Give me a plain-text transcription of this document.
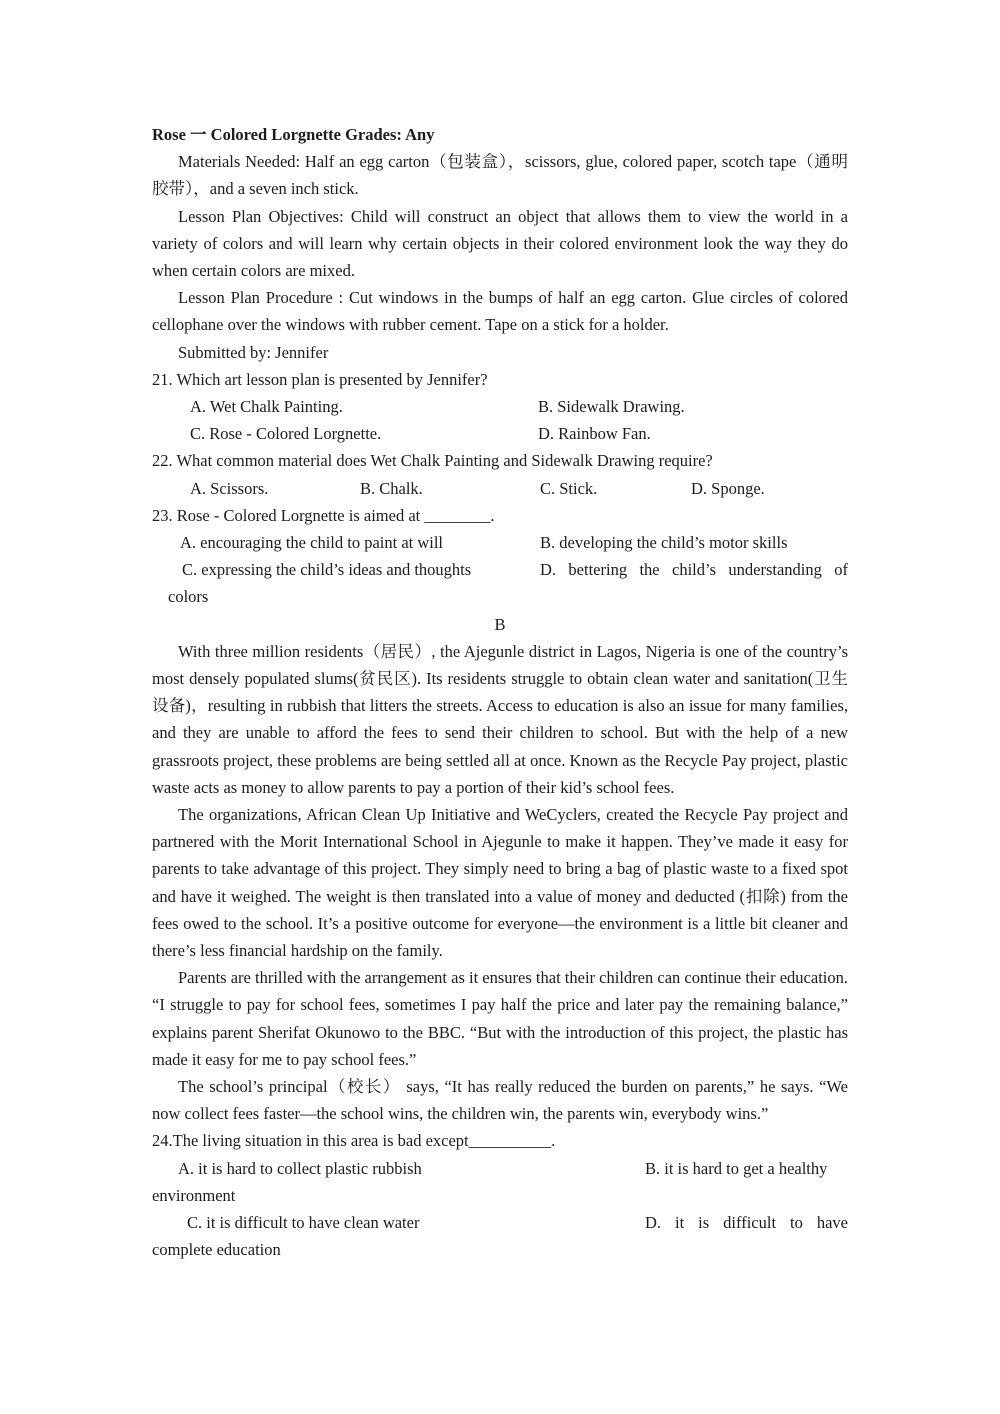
Rose 一 Colored Lorgnette Grades: Any

Materials Needed: Half an egg carton（包装盒），scissors, glue, colored paper, scotch tape（通明胶带），and a seven inch stick.

Lesson Plan Objectives: Child will construct an object that allows them to view the world in a variety of colors and will learn why certain objects in their colored environment look the way they do when certain colors are mixed.

Lesson Plan Procedure : Cut windows in the bumps of half an egg carton. Glue circles of colored cellophane over the windows with rubber cement. Tape on a stick for a holder.

Submitted by: Jennifer

21. Which art lesson plan is presented by Jennifer?
A. Wet Chalk Painting.	B. Sidewalk Drawing.
C. Rose - Colored Lorgnette.	D. Rainbow Fan.
22. What common material does Wet Chalk Painting and Sidewalk Drawing require?
A. Scissors.	B. Chalk.	C. Stick.	D. Sponge.
23. Rose - Colored Lorgnette is aimed at ________.
A. encouraging the child to paint at will	B. developing the child’s motor skills
C. expressing the child’s ideas and thoughts	D. bettering the child’s understanding of
colors

B

With three million residents（居民）, the Ajegunle district in Lagos, Nigeria is one of the country’s most densely populated slums(贫民区). Its residents struggle to obtain clean water and sanitation(卫生设备)，resulting in rubbish that litters the streets. Access to education is also an issue for many families, and they are unable to afford the fees to send their children to school. But with the help of a new grassroots project, these problems are being settled all at once. Known as the Recycle Pay project, plastic waste acts as money to allow parents to pay a portion of their kid’s school fees.

The organizations, African Clean Up Initiative and WeCyclers, created the Recycle Pay project and partnered with the Morit International School in Ajegunle to make it happen. They’ve made it easy for parents to take advantage of this project. They simply need to bring a bag of plastic waste to a fixed spot and have it weighed. The weight is then translated into a value of money and deducted (扣除) from the fees owed to the school. It’s a positive outcome for everyone—the environment is a little bit cleaner and there’s less financial hardship on the family.

Parents are thrilled with the arrangement as it ensures that their children can continue their education. “I struggle to pay for school fees, sometimes I pay half the price and later pay the remaining balance,” explains parent Sherifat Okunowo to the BBC. “But with the introduction of this project, the plastic has made it easy for me to pay school fees.”

The school’s principal（校长） says, “It has really reduced the burden on parents,” he says. “We now collect fees faster—the school wins, the children win, the parents win, everybody wins.”

24.The living situation in this area is bad except__________.
A. it is hard to collect plastic rubbish	B. it is hard to get a healthy
environment
C. it is difficult to have clean water	D. it is difficult to have
complete education
